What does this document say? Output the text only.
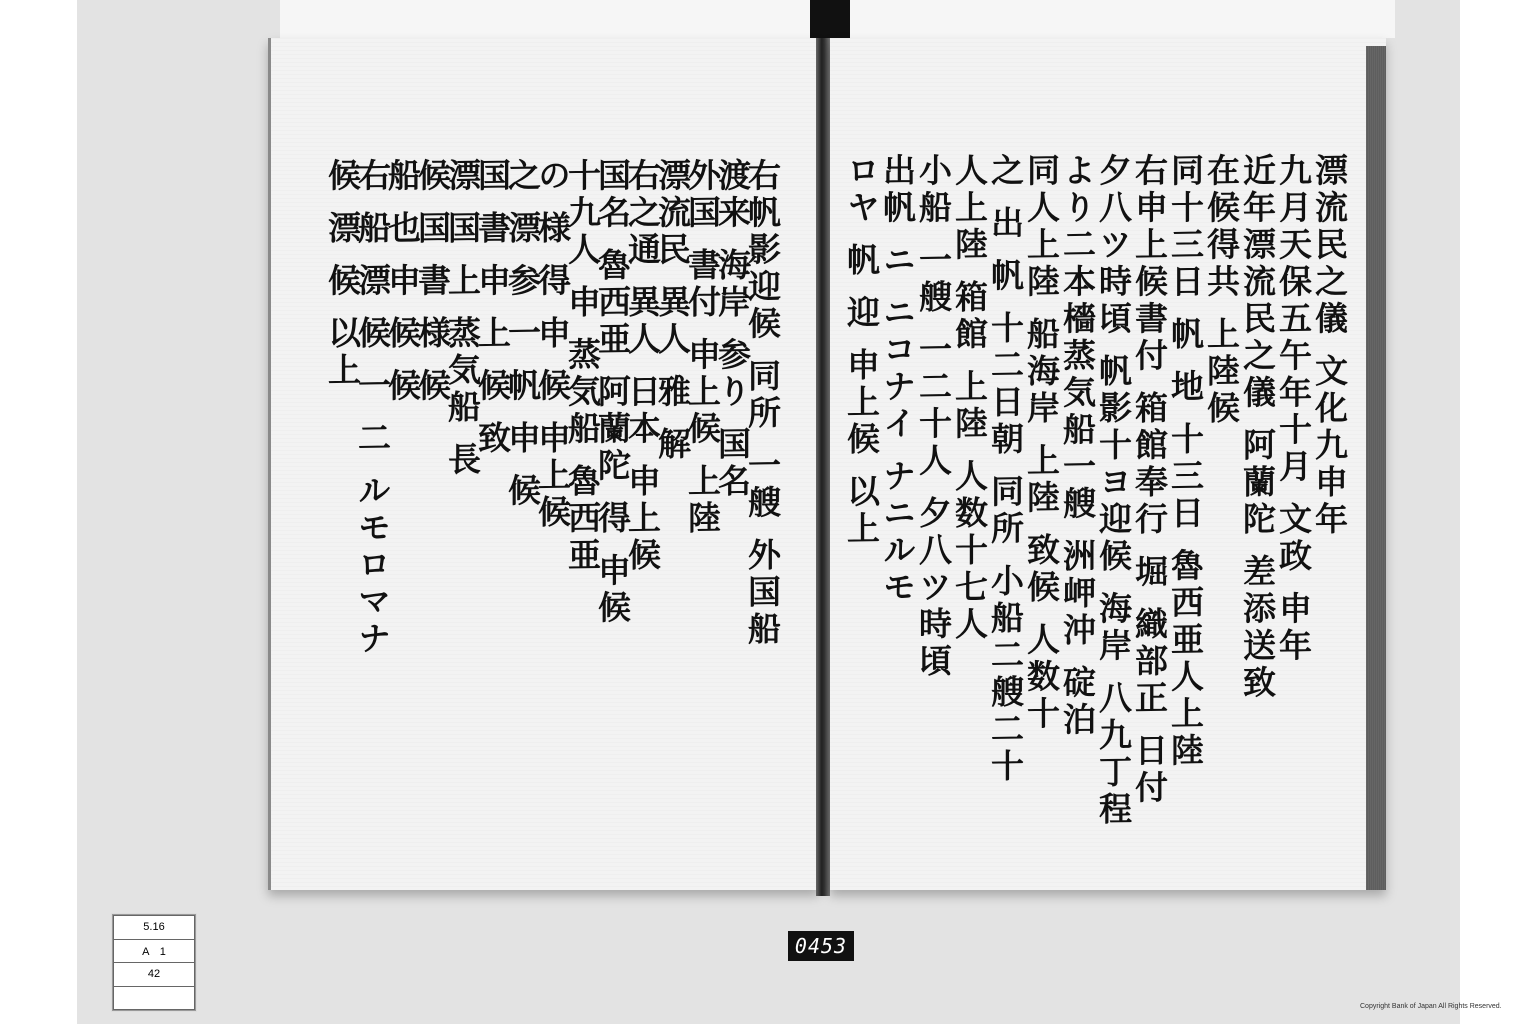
右帆影迎候 同所 一艘 外国船
渡来 海岸 参り 国名
外国 書付 申上候 上陸
漂流民 異人 雅 解
右之通 異人 日本 申上候
国名 魯西亜 阿蘭陀 得 申候
十九人 申 蒸気船 魯西亜
の 様 得 申 候 申上候
之 漂 参 一 帆 申 候
国 書 申 上 候 致
漂 国 上 蒸気船 長
候 国 書 様 候
船 也 申 候 候
右 船 漂 候 一 二 ルモロマナ
候 漂 候 以上	漂流民之儀 文化九申年
九月天保五午年十月 文政 申年
近年漂流民之儀 阿蘭陀 差添送致
在候得共 上陸候
同十三日 帆 地 十三日 魯西亜人上陸
右申上候書付 箱館奉行 堀 織部正 日付
夕八ツ時頃 帆影十ヨ迎候 海岸 八九丁程
より二本檣蒸気船一艘 洲岬沖 碇泊
同人上陸 船海岸 上陸 致候 人数十
之 出 帆 十二日朝 同所 小船二艘二十
人上陸 箱館 上陸 人数十七人
小船 一艘 一二十人 夕八ツ時頃
出帆 ニ ニコナイ ナニルモ
ロヤ 帆 迎 申上候 以上
5.16
A　1
42

0453
Copyright Bank of Japan All Rights Reserved.
